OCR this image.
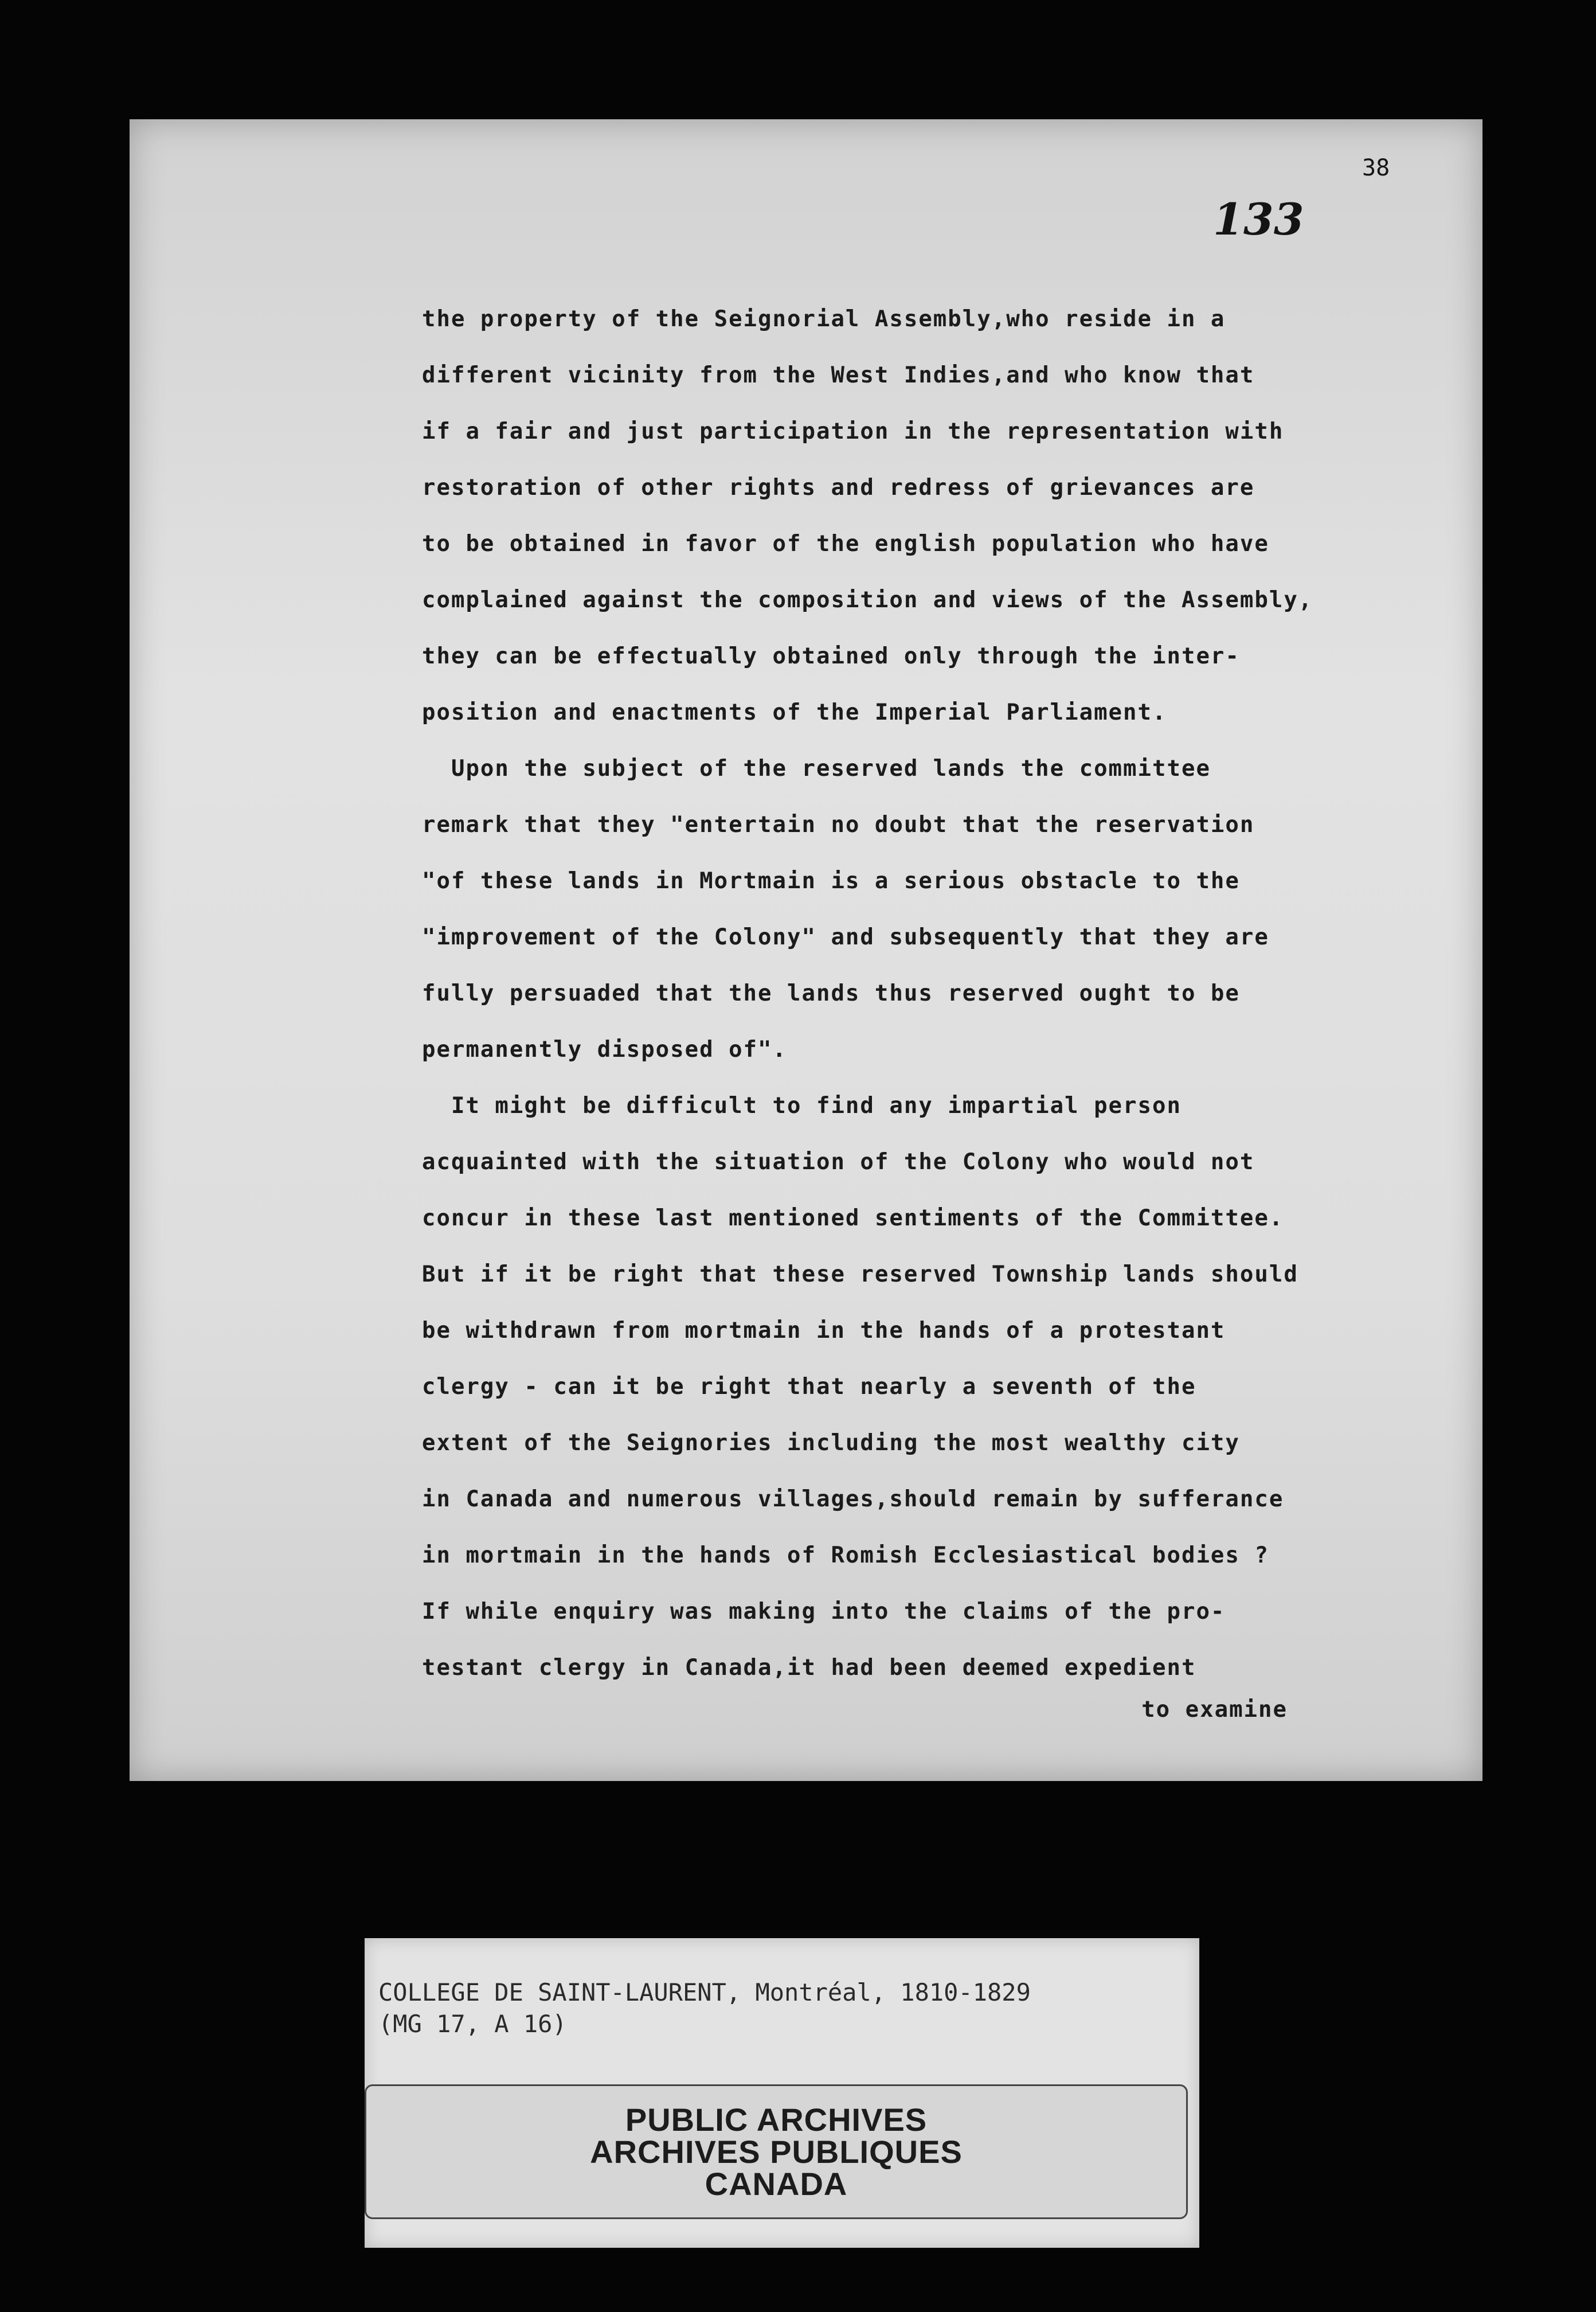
38
133
the property of the Seignorial Assembly,who reside in a
different vicinity from the West Indies,and who know that
if a fair and just participation in the representation with
restoration of other rights and redress of grievances are
to be obtained in favor of the english population who have
complained against the composition and views of the Assembly,
they can be effectually obtained only through the inter-
position and enactments of the Imperial Parliament.
Upon the subject of the reserved lands the committee
remark that they "entertain no doubt that the reservation
"of these lands in Mortmain is a serious obstacle to the
"improvement of the Colony" and subsequently that they are
fully persuaded that the lands thus reserved ought to be
permanently disposed of".
It might be difficult to find any impartial person
acquainted with the situation of the Colony who would not
concur in these last mentioned sentiments of the Committee.
But if it be right that these reserved Township lands should
be withdrawn from mortmain in the hands of a protestant
clergy - can it be right that nearly a seventh of the
extent of the Seignories including the most wealthy city
in Canada and numerous villages,should remain by sufferance
in mortmain in the hands of Romish Ecclesiastical bodies ?
If while enquiry was making into the claims of the pro-
testant clergy in Canada,it had been deemed expedient
to examine
COLLEGE DE SAINT-LAURENT, Montréal, 1810-1829
(MG 17, A 16)
PUBLIC ARCHIVES
ARCHIVES PUBLIQUES
CANADA
